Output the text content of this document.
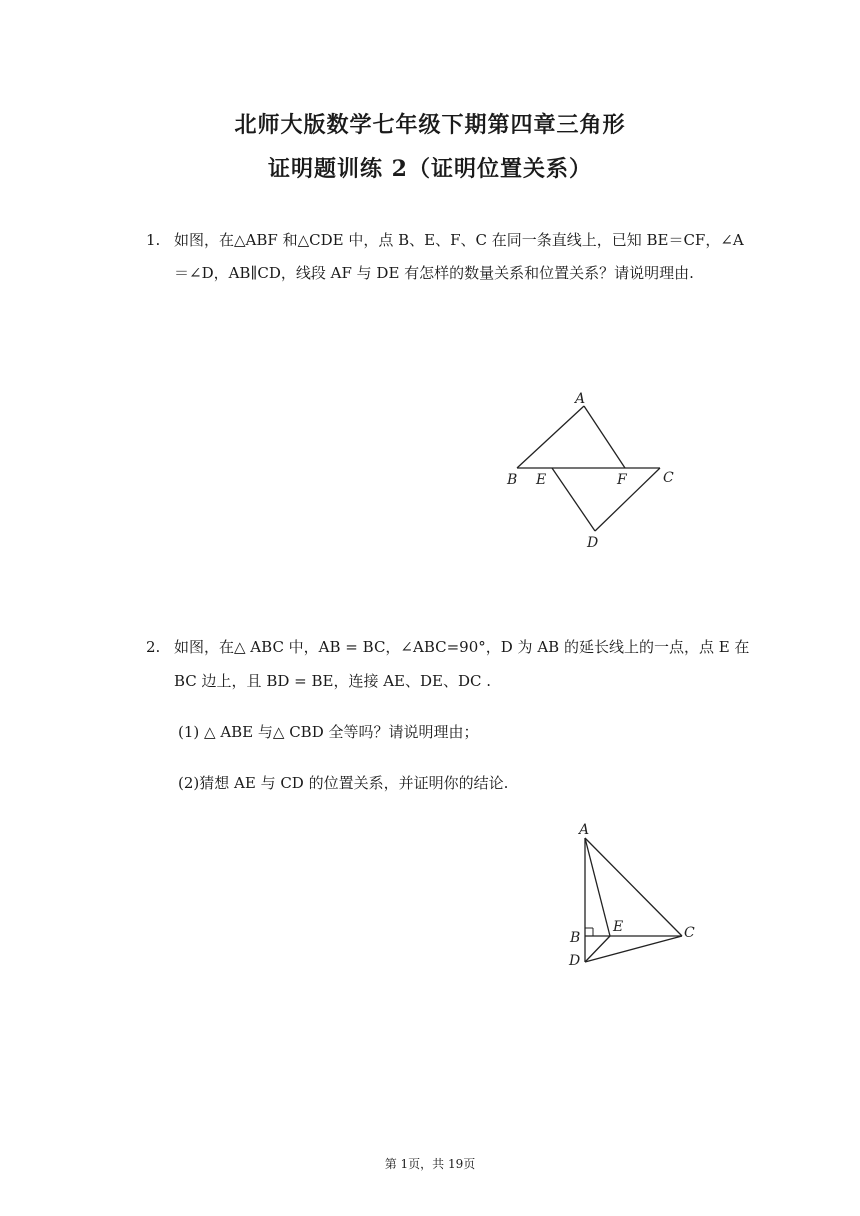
北师大版数学七年级下期第四章三角形
证明题训练 2（证明位置关系）
1. 如图，在△ABF 和△CDE 中，点 B、E、F、C 在同一条直线上，已知 BE＝CF，∠A
＝∠D，AB∥CD，线段 AF 与 DE 有怎样的数量关系和位置关系？请说明理由.
A
B E	F	C
D
2. 如图，在△ ABC 中，AB = BC，∠ABC=90°，D 为 AB 的延长线上的一点，点 E 在
BC 边上，且 BD = BE，连接 AE、DE、DC .
(1) △ ABE 与△ CBD 全等吗？请说明理由；
(2)猜想 AE 与 CD 的位置关系，并证明你的结论.
A
B
E	C
D
第 1页，共 19页
